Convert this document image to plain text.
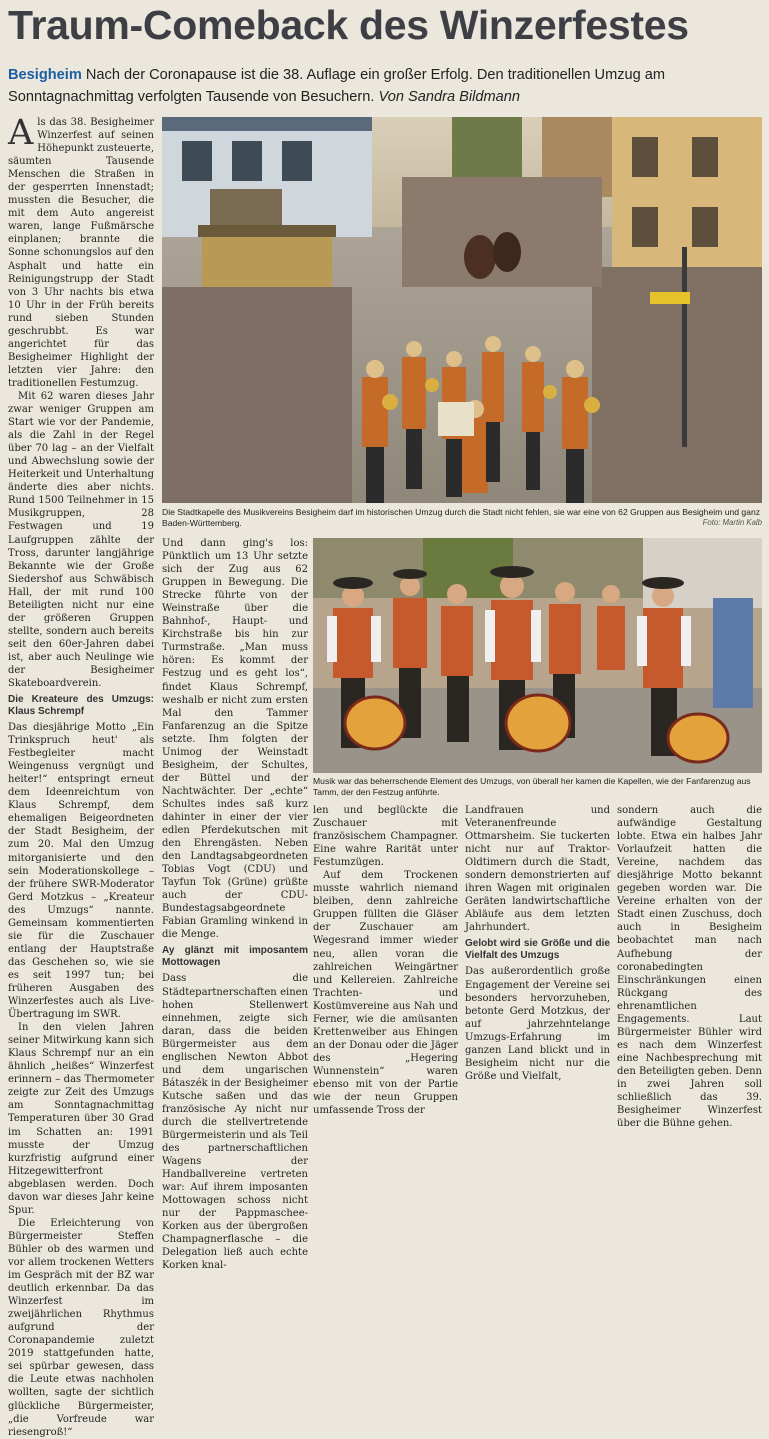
Traum-Comeback des Winzerfestes
Besigheim Nach der Coronapause ist die 38. Auflage ein großer Erfolg. Den traditionellen Umzug am Sonntagnachmittag verfolgten Tausende von Besuchern. Von Sandra Bildmann

Als das 38. Besigheimer Winzerfest auf seinen Höhepunkt zusteuerte, säumten Tausende Menschen die Straßen in der gesperrten Innenstadt; mussten die Besucher, die mit dem Auto angereist waren, lange Fußmärsche einplanen; brannte die Sonne schonungslos auf den Asphalt und hatte ein Reinigungstrupp der Stadt von 3 Uhr nachts bis etwa 10 Uhr in der Früh bereits rund sieben Stunden geschrubbt. Es war angerichtet für das Besigheimer Highlight der letzten vier Jahre: den traditionellen Festumzug.

Mit 62 waren dieses Jahr zwar weniger Gruppen am Start wie vor der Pandemie, als die Zahl in der Regel über 70 lag – an der Vielfalt und Abwechslung sowie der Heiterkeit und Unterhaltung änderte dies aber nichts. Rund 1500 Teilnehmer in 15 Musikgruppen, 28 Festwagen und 19 Laufgruppen zählte der Tross, darunter langjährige Bekannte wie der Große Siedershof aus Schwäbisch Hall, der mit rund 100 Beteiligten nicht nur eine der größeren Gruppen stellte, sondern auch bereits seit den 60er-Jahren dabei ist, aber auch Neulinge wie der Besigheimer Skateboardverein.

Die Kreateure des Umzugs: Klaus Schrempf

Das diesjährige Motto „Ein Trinkspruch heut' als Festbegleiter macht Weingenuss vergnügt und heiter!“ entspringt erneut dem Ideenreichtum von Klaus Schrempf, dem ehemaligen Beigeordneten der Stadt Besigheim, der zum 20. Mal den Umzug mitorganisierte und den sein Moderationskollege – der frühere SWR-Moderator Gerd Motzkus – „Kreateur des Umzugs“ nannte. Gemeinsam kommentierten sie für die Zuschauer entlang der Hauptstraße das Geschehen so, wie sie es seit 1997 tun; bei früheren Ausgaben des Winzerfestes auch als Live-Übertragung im SWR.

In den vielen Jahren seiner Mitwirkung kann sich Klaus Schrempf nur an ein ähnlich „heißes“ Winzerfest erinnern – das Thermometer zeigte zur Zeit des Umzugs am Sonntagnachmittag Temperaturen über 30 Grad im Schatten an: 1991 musste der Umzug kurzfristig aufgrund einer Hitzegewitterfront abgeblasen werden. Doch davon war dieses Jahr keine Spur.

Die Erleichterung von Bürgermeister Steffen Bühler ob des warmen und vor allem trockenen Wetters im Gespräch mit der BZ war deutlich erkennbar. Da das Winzerfest im zweijährlichen Rhythmus aufgrund der Coronapandemie zuletzt 2019 stattgefunden hatte, sei spürbar gewesen, dass die Leute etwas nachholen wollten, sagte der sichtlich glückliche Bürgermeister, „die Vorfreude war riesengroß!“

Die Stadtkapelle des Musikvereins Besigheim darf im historischen Umzug durch die Stadt nicht fehlen, sie war eine von 62 Gruppen aus Besigheim und ganz Baden-Württemberg.	Foto: Martin Kalb

Und dann ging's los: Pünktlich um 13 Uhr setzte sich der Zug aus 62 Gruppen in Bewegung. Die Strecke führte von der Weinstraße über die Bahnhof-, Haupt- und Kirchstraße bis hin zur Turmstraße. „Man muss hören: Es kommt der Festzug und es geht los“, findet Klaus Schrempf, weshalb er nicht zum ersten Mal den Tammer Fanfarenzug an die Spitze setzte. Ihm folgten der Unimog der Weinstadt Besigheim, der Schultes, der Büttel und der Nachtwächter. Der „echte“ Schultes indes saß kurz dahinter in einer der vier edlen Pferdekutschen mit den Ehrengästen. Neben den Landtagsabgeordneten Tobias Vogt (CDU) und Tayfun Tok (Grüne) grüßte auch der CDU-Bundestagsabgeordnete Fabian Gramling winkend in die Menge.

Ay glänzt mit imposantem Mottowagen

Dass die Städtepartnerschaften einen hohen Stellenwert einnehmen, zeigte sich daran, dass die beiden Bürgermeister aus dem englischen Newton Abbot und dem ungarischen Bátaszék in der Besigheimer Kutsche saßen und das französische Ay nicht nur durch die stellvertretende Bürgermeisterin und als Teil des partnerschaftlichen Wagens der Handballvereine vertreten war: Auf ihrem imposanten Mottowagen schoss nicht nur der Pappmaschee-Korken aus der übergroßen Champagnerflasche – die Delegation ließ auch echte Korken knal-

Musik war das beherrschende Element des Umzugs, von überall her kamen die Kapellen, wie der Fanfarenzug aus Tamm, der den Festzug anführte.

len und beglückte die Zuschauer mit französischem Champagner. Eine wahre Rarität unter Festumzügen.

Auf dem Trockenen musste wahrlich niemand bleiben, denn zahlreiche Gruppen füllten die Gläser der Zuschauer am Wegesrand immer wieder neu, allen voran die zahlreichen Weingärtner und Kellereien. Zahlreiche Trachten- und Kostümvereine aus Nah und Ferner, wie die amüsanten Krettenweiber aus Ehingen an der Donau oder die Jäger des „Hegering Wunnenstein“ waren ebenso mit von der Partie wie der neun Gruppen umfassende Tross der

Landfrauen und Veteranenfreunde Ottmarsheim. Sie tuckerten nicht nur auf Traktor-Oldtimern durch die Stadt, sondern demonstrierten auf ihren Wagen mit originalen Geräten landwirtschaftliche Abläufe aus dem letzten Jahrhundert.

Gelobt wird sie Größe und die Vielfalt des Umzugs

Das außerordentlich große Engagement der Vereine sei besonders hervorzuheben, betonte Gerd Motzkus, der auf jahrzehntelange Umzugs-Erfahrung im ganzen Land blickt und in Besigheim nicht nur die Größe und Vielfalt,

sondern auch die aufwändige Gestaltung lobte. Etwa ein halbes Jahr Vorlaufzeit hatten die Vereine, nachdem das diesjährige Motto bekannt gegeben worden war. Die Vereine erhalten von der Stadt einen Zuschuss, doch auch in Besigheim beobachtet man nach Aufhebung der coronabedingten Einschränkungen einen Rückgang des ehrenamtlichen Engagements. Laut Bürgermeister Bühler wird es nach dem Winzerfest eine Nachbesprechung mit den Beteiligten geben. Denn in zwei Jahren soll schließlich das 39. Besigheimer Winzerfest über die Bühne gehen.
